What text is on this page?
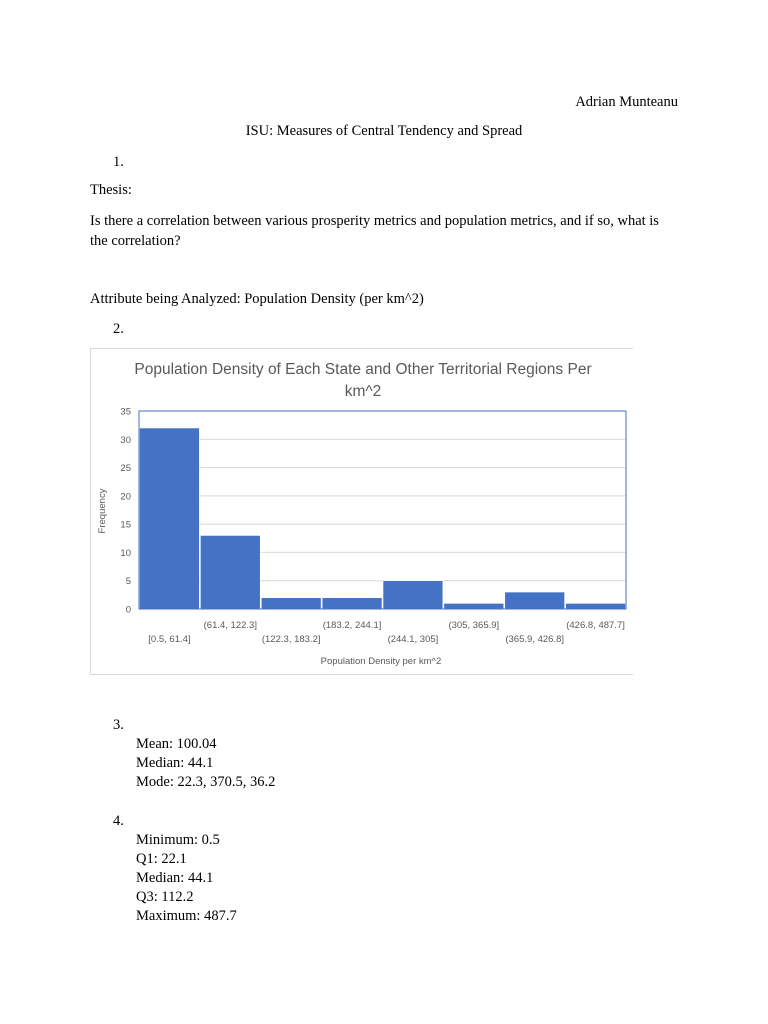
Adrian Munteanu
ISU: Measures of Central Tendency and Spread
1.
Thesis:
Is there a correlation between various prosperity metrics and population metrics, and if so, what is the correlation?
Attribute being Analyzed: Population Density (per km^2)
2.
Population Density of Each State and Other Territorial Regions Per
km^2
Frequency
Population Density per km^2
0
5
10
15
20
25
30
35
[0.5, 61.4]
(61.4, 122.3]
(122.3, 183.2]
(183.2, 244.1]
(244.1, 305]
(305, 365.9]
(365.9, 426.8]
(426.8, 487.7]
3.
Mean: 100.04
Median: 44.1
Mode: 22.3, 370.5, 36.2
4.
Minimum: 0.5
Q1: 22.1
Median: 44.1
Q3: 112.2
Maximum: 487.7
